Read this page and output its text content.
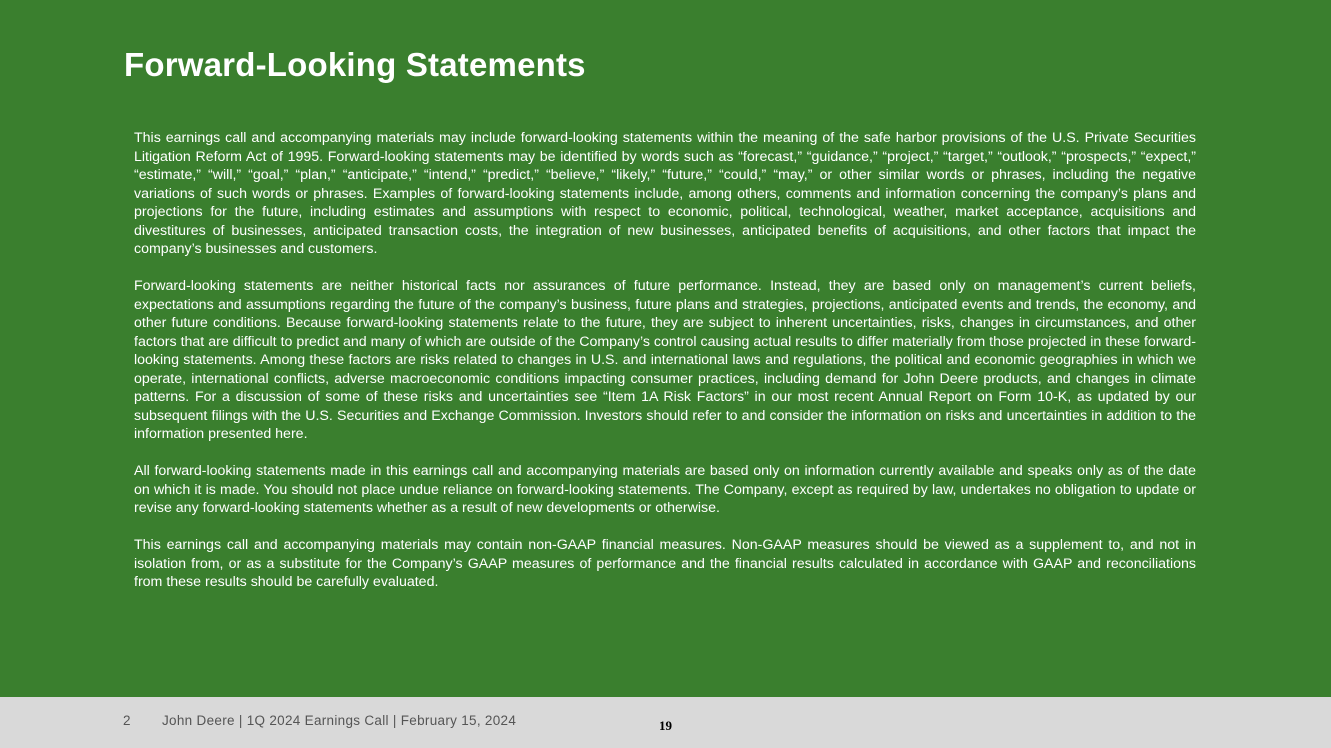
Forward-Looking Statements

This earnings call and accompanying materials may include forward-looking statements within the meaning of the safe harbor provisions of the U.S. Private Securities Litigation Reform Act of 1995. Forward-looking statements may be identified by words such as “forecast,” “guidance,” “project,” “target,” “outlook,” “prospects,” “expect,” “estimate,” “will,” “goal,” “plan,” “anticipate,” “intend,” “predict,” “believe,” “likely,” “future,” “could,” “may,” or other similar words or phrases, including the negative variations of such words or phrases. Examples of forward-looking statements include, among others, comments and information concerning the company’s plans and projections for the future, including estimates and assumptions with respect to economic, political, technological, weather, market acceptance, acquisitions and divestitures of businesses, anticipated transaction costs, the integration of new businesses, anticipated benefits of acquisitions, and other factors that impact the company’s businesses and customers.

Forward-looking statements are neither historical facts nor assurances of future performance. Instead, they are based only on management’s current beliefs, expectations and assumptions regarding the future of the company’s business, future plans and strategies, projections, anticipated events and trends, the economy, and other future conditions. Because forward-looking statements relate to the future, they are subject to inherent uncertainties, risks, changes in circumstances, and other factors that are difficult to predict and many of which are outside of the Company’s control causing actual results to differ materially from those projected in these forward-looking statements. Among these factors are risks related to changes in U.S. and international laws and regulations, the political and economic geographies in which we operate, international conflicts, adverse macroeconomic conditions impacting consumer practices, including demand for John Deere products, and changes in climate patterns. For a discussion of some of these risks and uncertainties see “Item 1A Risk Factors” in our most recent Annual Report on Form 10-K, as updated by our subsequent filings with the U.S. Securities and Exchange Commission. Investors should refer to and consider the information on risks and uncertainties in addition to the information presented here.

All forward-looking statements made in this earnings call and accompanying materials are based only on information currently available and speaks only as of the date on which it is made. You should not place undue reliance on forward-looking statements. The Company, except as required by law, undertakes no obligation to update or revise any forward-looking statements whether as a result of new developments or otherwise.

This earnings call and accompanying materials may contain non-GAAP financial measures. Non-GAAP measures should be viewed as a supplement to, and not in isolation from, or as a substitute for the Company’s GAAP measures of performance and the financial results calculated in accordance with GAAP and reconciliations from these results should be carefully evaluated.

2 John Deere | 1Q 2024 Earnings Call | February 15, 2024	19
